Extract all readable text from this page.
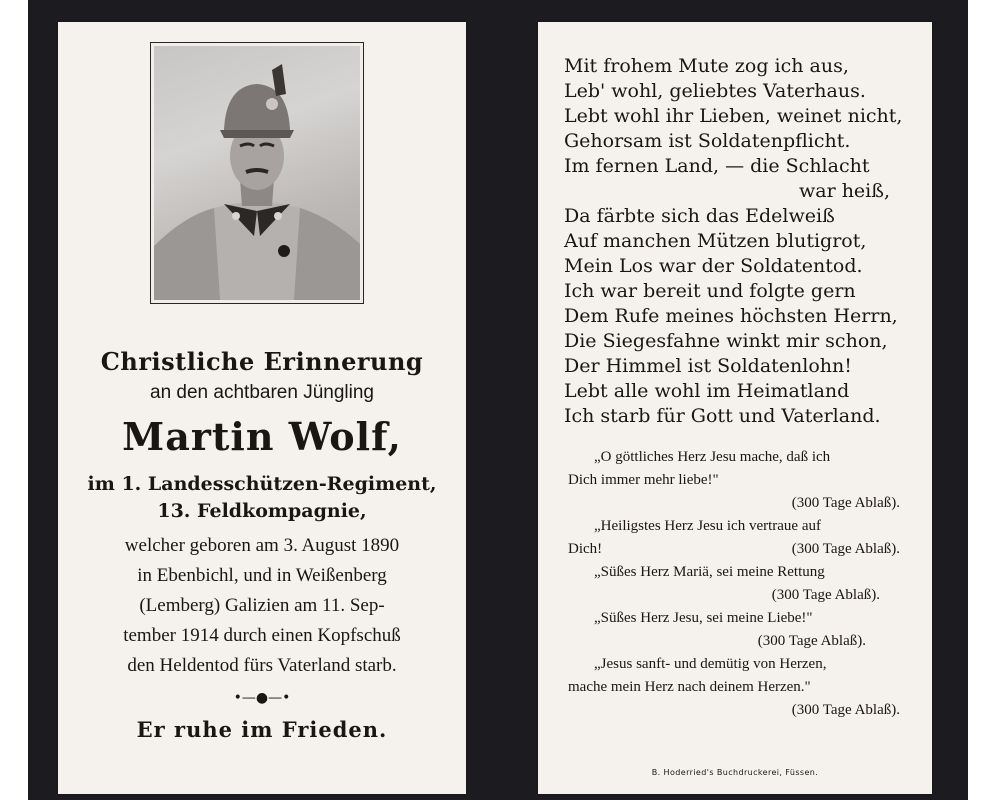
Christliche Erinnerung
an den achtbaren Jüngling
Martin Wolf,
im 1. Landesschützen-Regiment,
13. Feldkompagnie,
welcher geboren am 3. August 1890
in Ebenbichl, und in Weißenberg
(Lemberg) Galizien am 11. Sep-
tember 1914 durch einen Kopfschuß
den Heldentod fürs Vaterland starb.
•—●—•
Er ruhe im Frieden.
Mit frohem Mute zog ich aus,
Leb' wohl, geliebtes Vaterhaus.
Lebt wohl ihr Lieben, weinet nicht,
Gehorsam ist Soldatenpflicht.
Im fernen Land, — die Schlacht
war heiß,
Da färbte sich das Edelweiß
Auf manchen Mützen blutigrot,
Mein Los war der Soldatentod.
Ich war bereit und folgte gern
Dem Rufe meines höchsten Herrn,
Die Siegesfahne winkt mir schon,
Der Himmel ist Soldatenlohn!
Lebt alle wohl im Heimatland
Ich starb für Gott und Vaterland.
„O göttliches Herz Jesu mache, daß ich
Dich immer mehr liebe!"
(300 Tage Ablaß).
„Heiligstes Herz Jesu ich vertraue auf
Dich!	(300 Tage Ablaß).
„Süßes Herz Mariä, sei meine Rettung
(300 Tage Ablaß).
„Süßes Herz Jesu, sei meine Liebe!"
(300 Tage Ablaß).
„Jesus sanft- und demütig von Herzen,
mache mein Herz nach deinem Herzen."
(300 Tage Ablaß).
B. Hoderried's Buchdruckerei, Füssen.
